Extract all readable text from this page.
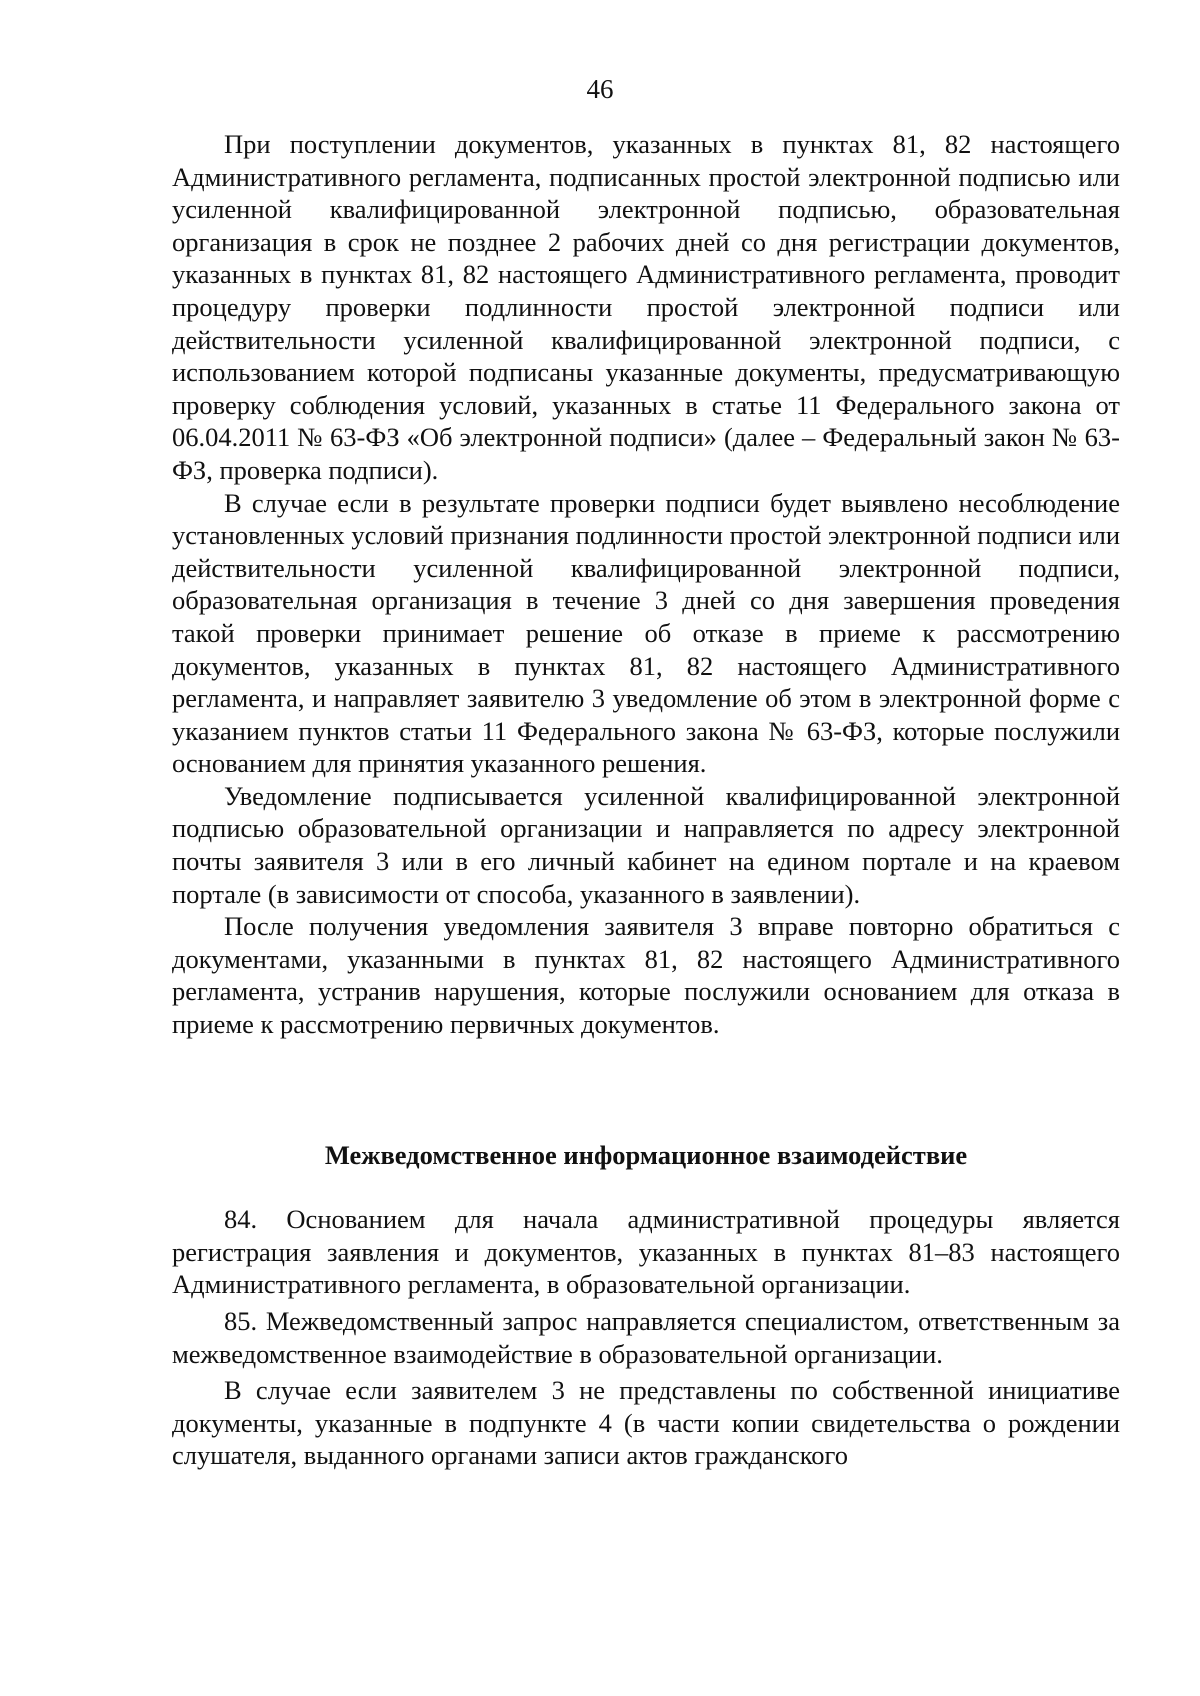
46

При поступлении документов, указанных в пунктах 81, 82 настоящего Административного регламента, подписанных простой электронной подписью или усиленной квалифицированной электронной подписью, образовательная организация в срок не позднее 2 рабочих дней со дня регистрации документов, указанных в пунктах 81, 82 настоящего Административного регламента, проводит процедуру проверки подлинности простой электронной подписи или действительности усиленной квалифицированной электронной подписи, с использованием которой подписаны указанные документы, предусматривающую проверку соблюдения условий, указанных в статье 11 Федерального закона от 06.04.2011 № 63-ФЗ «Об электронной подписи» (далее – Федеральный закон № 63-ФЗ, проверка подписи).

В случае если в результате проверки подписи будет выявлено несоблюдение установленных условий признания подлинности простой электронной подписи или действительности усиленной квалифицированной электронной подписи, образовательная организация в течение 3 дней со дня завершения проведения такой проверки принимает решение об отказе в приеме к рассмотрению документов, указанных в пунктах 81, 82 настоящего Административного регламента, и направляет заявителю 3 уведомление об этом в электронной форме с указанием пунктов статьи 11 Федерального закона № 63-ФЗ, которые послужили основанием для принятия указанного решения.

Уведомление подписывается усиленной квалифицированной электронной подписью образовательной организации и направляется по адресу электронной почты заявителя 3 или в его личный кабинет на едином портале и на краевом портале (в зависимости от способа, указанного в заявлении).

После получения уведомления заявителя 3 вправе повторно обратиться с документами, указанными в пунктах 81, 82 настоящего Административного регламента, устранив нарушения, которые послужили основанием для отказа в приеме к рассмотрению первичных документов.

Межведомственное информационное взаимодействие

84. Основанием для начала административной процедуры является регистрация заявления и документов, указанных в пунктах 81–83 настоящего Административного регламента, в образовательной организации.

85. Межведомственный запрос направляется специалистом, ответственным за межведомственное взаимодействие в образовательной организации.

В случае если заявителем 3 не представлены по собственной инициативе документы, указанные в подпункте 4 (в части копии свидетельства о рождении слушателя, выданного органами записи актов гражданского
